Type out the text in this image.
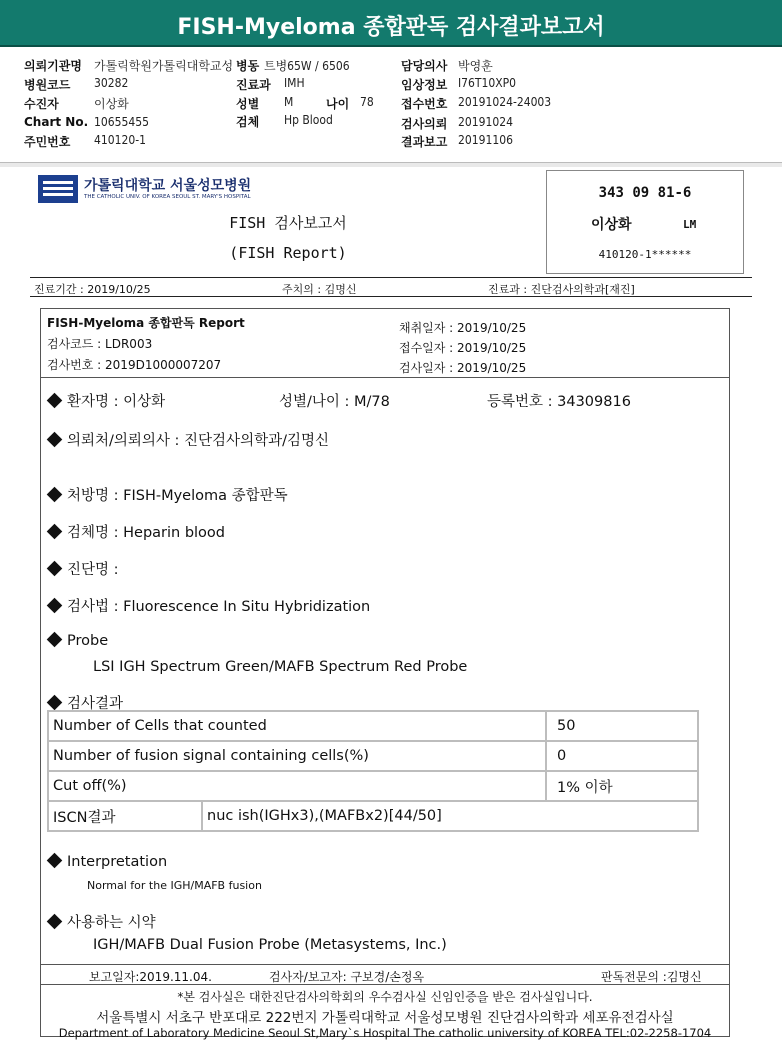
FISH-Myeloma 종합판독 검사결과보고서
의뢰기관명 가톨릭학원가톨릭대학교성 병동 트병65W / 6506	담당의사 박영훈
병원코드 30282	진료과 IMH	임상정보 I76T10XP0
수진자	이상화	성별 M	나이 78 접수번호 20191024-24003
Chart No. 10655455	검체 Hp Blood	검사의뢰 20191024
주민번호 410120-1	결과보고 20191106
가톨릭대학교 서울성모병원
THE CATHOLIC UNIV. OF KOREA SEOUL ST. MARY'S HOSPITAL
FISH 검사보고서
(FISH Report)
343 09 81-6
이상화	LM
410120-1******
진료기간 : 2019/10/25	주치의 : 김명신	진료과 : 진단검사의학과[재진]
FISH-Myeloma 종합판독 Report
검사코드 : LDR003
검사번호 : 2019D1000007207
채취일자 : 2019/10/25
접수일자 : 2019/10/25
검사일자 : 2019/10/25
환자명 : 이상화	성별/나이 : M/78	등록번호 : 34309816
의뢰처/의뢰의사 : 진단검사의학과/김명신
처방명 : FISH-Myeloma 종합판독
검체명 : Heparin blood
진단명 :
검사법 : Fluorescence In Situ Hybridization
Probe
LSI IGH Spectrum Green/MAFB Spectrum Red Probe
검사결과
Number of Cells that counted		50
Number of fusion signal containing cells(%)		0
Cut off(%)		1% 이하
ISCN결과	nuc ish(IGHx3),(MAFBx2)[44/50]	
Interpretation
Normal for the IGH/MAFB fusion
사용하는 시약
IGH/MAFB Dual Fusion Probe (Metasystems, Inc.)
보고일자:2019.11.04.	검사자/보고자: 구보경/손정옥	판독전문의 :김명신
*본 검사실은 대한진단검사의학회의 우수검사실 신임인증을 받은 검사실입니다.
서울특별시 서초구 반포대로 222번지 가톨릭대학교 서울성모병원 진단검사의학과 세포유전검사실
Department of Laboratory Medicine Seoul St,Mary`s Hospital The catholic university of KOREA TEL:02-2258-1704
